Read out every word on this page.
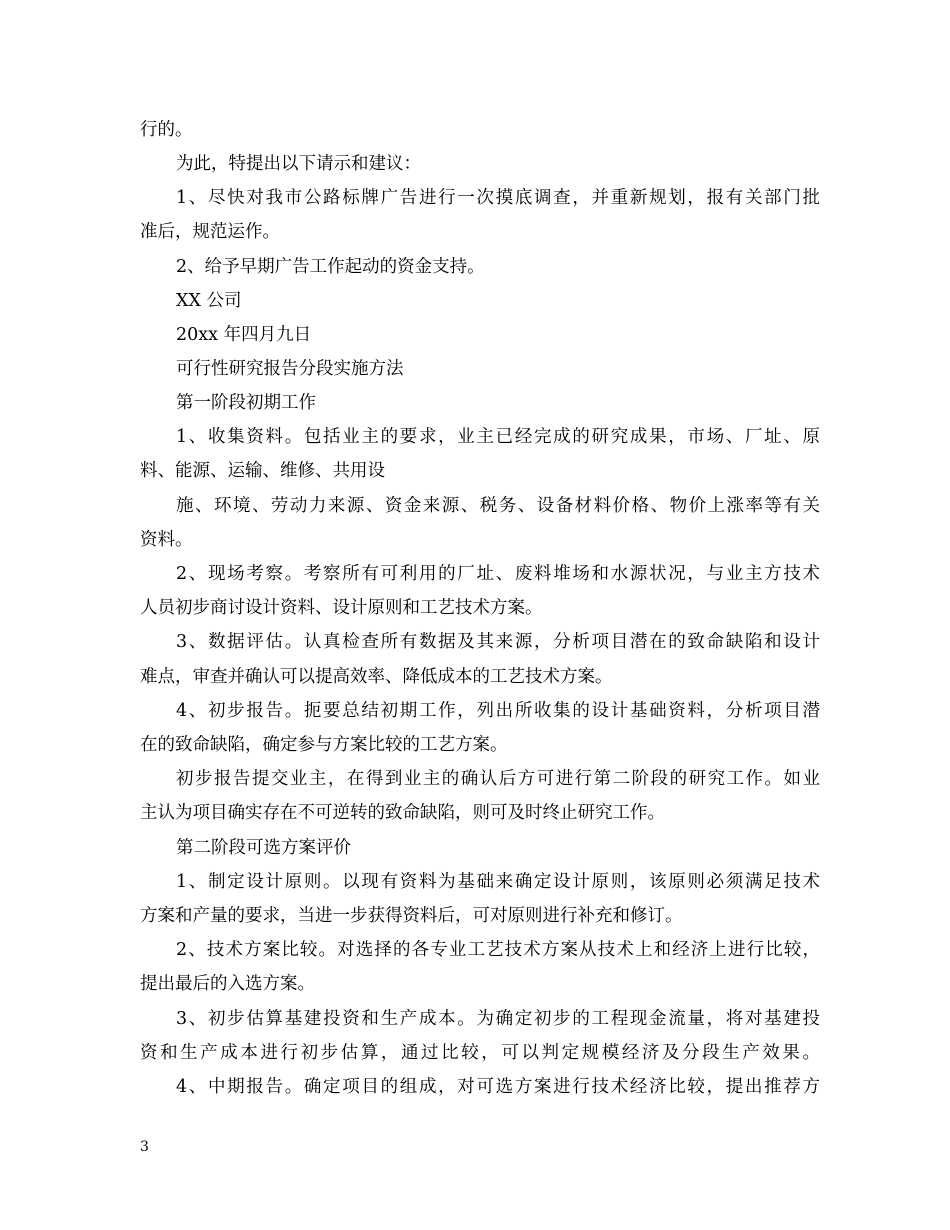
行的。
为此，特提出以下请示和建议：
1、尽快对我市公路标牌广告进行一次摸底调查，并重新规划，报有关部门批
准后，规范运作。
2、给予早期广告工作起动的资金支持。
XX 公司
20xx 年四月九日
可行性研究报告分段实施方法
第一阶段初期工作
1、收集资料。包括业主的要求，业主已经完成的研究成果，市场、厂址、原
料、能源、运输、维修、共用设
施、环境、劳动力来源、资金来源、税务、设备材料价格、物价上涨率等有关
资料。
2、现场考察。考察所有可利用的厂址、废料堆场和水源状况，与业主方技术
人员初步商讨设计资料、设计原则和工艺技术方案。
3、数据评估。认真检查所有数据及其来源，分析项目潜在的致命缺陷和设计
难点，审查并确认可以提高效率、降低成本的工艺技术方案。
4、初步报告。扼要总结初期工作，列出所收集的设计基础资料，分析项目潜
在的致命缺陷，确定参与方案比较的工艺方案。
初步报告提交业主，在得到业主的确认后方可进行第二阶段的研究工作。如业
主认为项目确实存在不可逆转的致命缺陷，则可及时终止研究工作。
第二阶段可选方案评价
1、制定设计原则。以现有资料为基础来确定设计原则，该原则必须满足技术
方案和产量的要求，当进一步获得资料后，可对原则进行补充和修订。
2、技术方案比较。对选择的各专业工艺技术方案从技术上和经济上进行比较，
提出最后的入选方案。
3、初步估算基建投资和生产成本。为确定初步的工程现金流量，将对基建投
资和生产成本进行初步估算，通过比较，可以判定规模经济及分段生产效果。
4、中期报告。确定项目的组成，对可选方案进行技术经济比较，提出推荐方
3
